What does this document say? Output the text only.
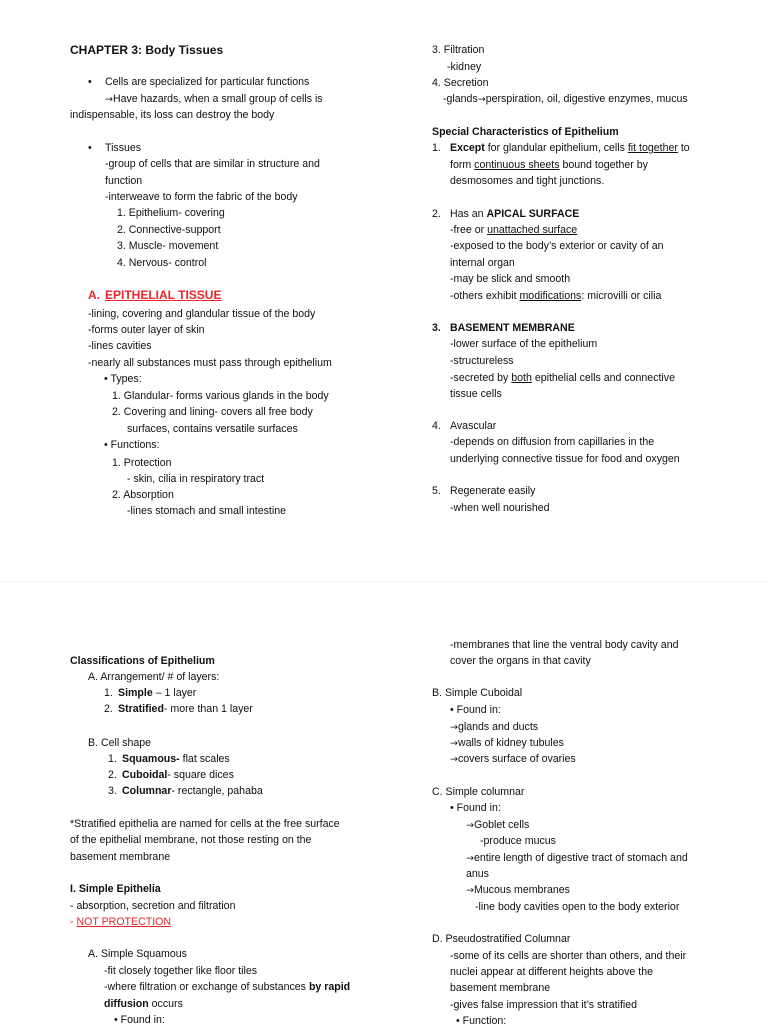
CHAPTER 3: Body Tissues
• Cells are specialized for particular functions
→Have hazards, when a small group of cells is
indispensable, its loss can destroy the body
• Tissues
-group of cells that are similar in structure and
function
-interweave to form the fabric of the body
1. Epithelium- covering
2. Connective-support
3. Muscle- movement
4. Nervous- control
A. EPITHELIAL TISSUE
-lining, covering and glandular tissue of the body
-forms outer layer of skin
-lines cavities
-nearly all substances must pass through epithelium
• Types:
1. Glandular- forms various glands in the body
2. Covering and lining- covers all free body
surfaces, contains versatile surfaces
• Functions:
1. Protection
- skin, cilia in respiratory tract
2. Absorption
-lines stomach and small intestine
3. Filtration
-kidney
4. Secretion
-glands→perspiration, oil, digestive enzymes, mucus
Special Characteristics of Epithelium
1. Except for glandular epithelium, cells fit together to
form continuous sheets bound together by
desmosomes and tight junctions.
2. Has an APICAL SURFACE
-free or unattached surface
-exposed to the body’s exterior or cavity of an
internal organ
-may be slick and smooth
-others exhibit modifications: microvilli or cilia
3. BASEMENT MEMBRANE
-lower surface of the epithelium
-structureless
-secreted by both epithelial cells and connective
tissue cells
4. Avascular
-depends on diffusion from capillaries in the
underlying connective tissue for food and oxygen
5. Regenerate easily
-when well nourished
Classifications of Epithelium
A. Arrangement/ # of layers:
1. Simple – 1 layer
2. Stratified- more than 1 layer
B. Cell shape
1. Squamous- flat scales
2. Cuboidal- square dices
3. Columnar- rectangle, pahaba
*Stratified epithelia are named for cells at the free surface
of the epithelial membrane, not those resting on the
basement membrane
I. Simple Epithelia
- absorption, secretion and filtration
- NOT PROTECTION
A. Simple Squamous
-fit closely together like floor tiles
-where filtration or exchange of substances by rapid
diffusion occurs
• Found in:
-membranes that line the ventral body cavity and
cover the organs in that cavity
B. Simple Cuboidal
• Found in:
→glands and ducts
→walls of kidney tubules
→covers surface of ovaries
C. Simple columnar
• Found in:
→Goblet cells
-produce mucus
→entire length of digestive tract of stomach and
anus
→Mucous membranes
-line body cavities open to the body exterior
D. Pseudostratified Columnar
-some of its cells are shorter than others, and their
nuclei appear at different heights above the
basement membrane
-gives false impression that it’s stratified
• Function:
